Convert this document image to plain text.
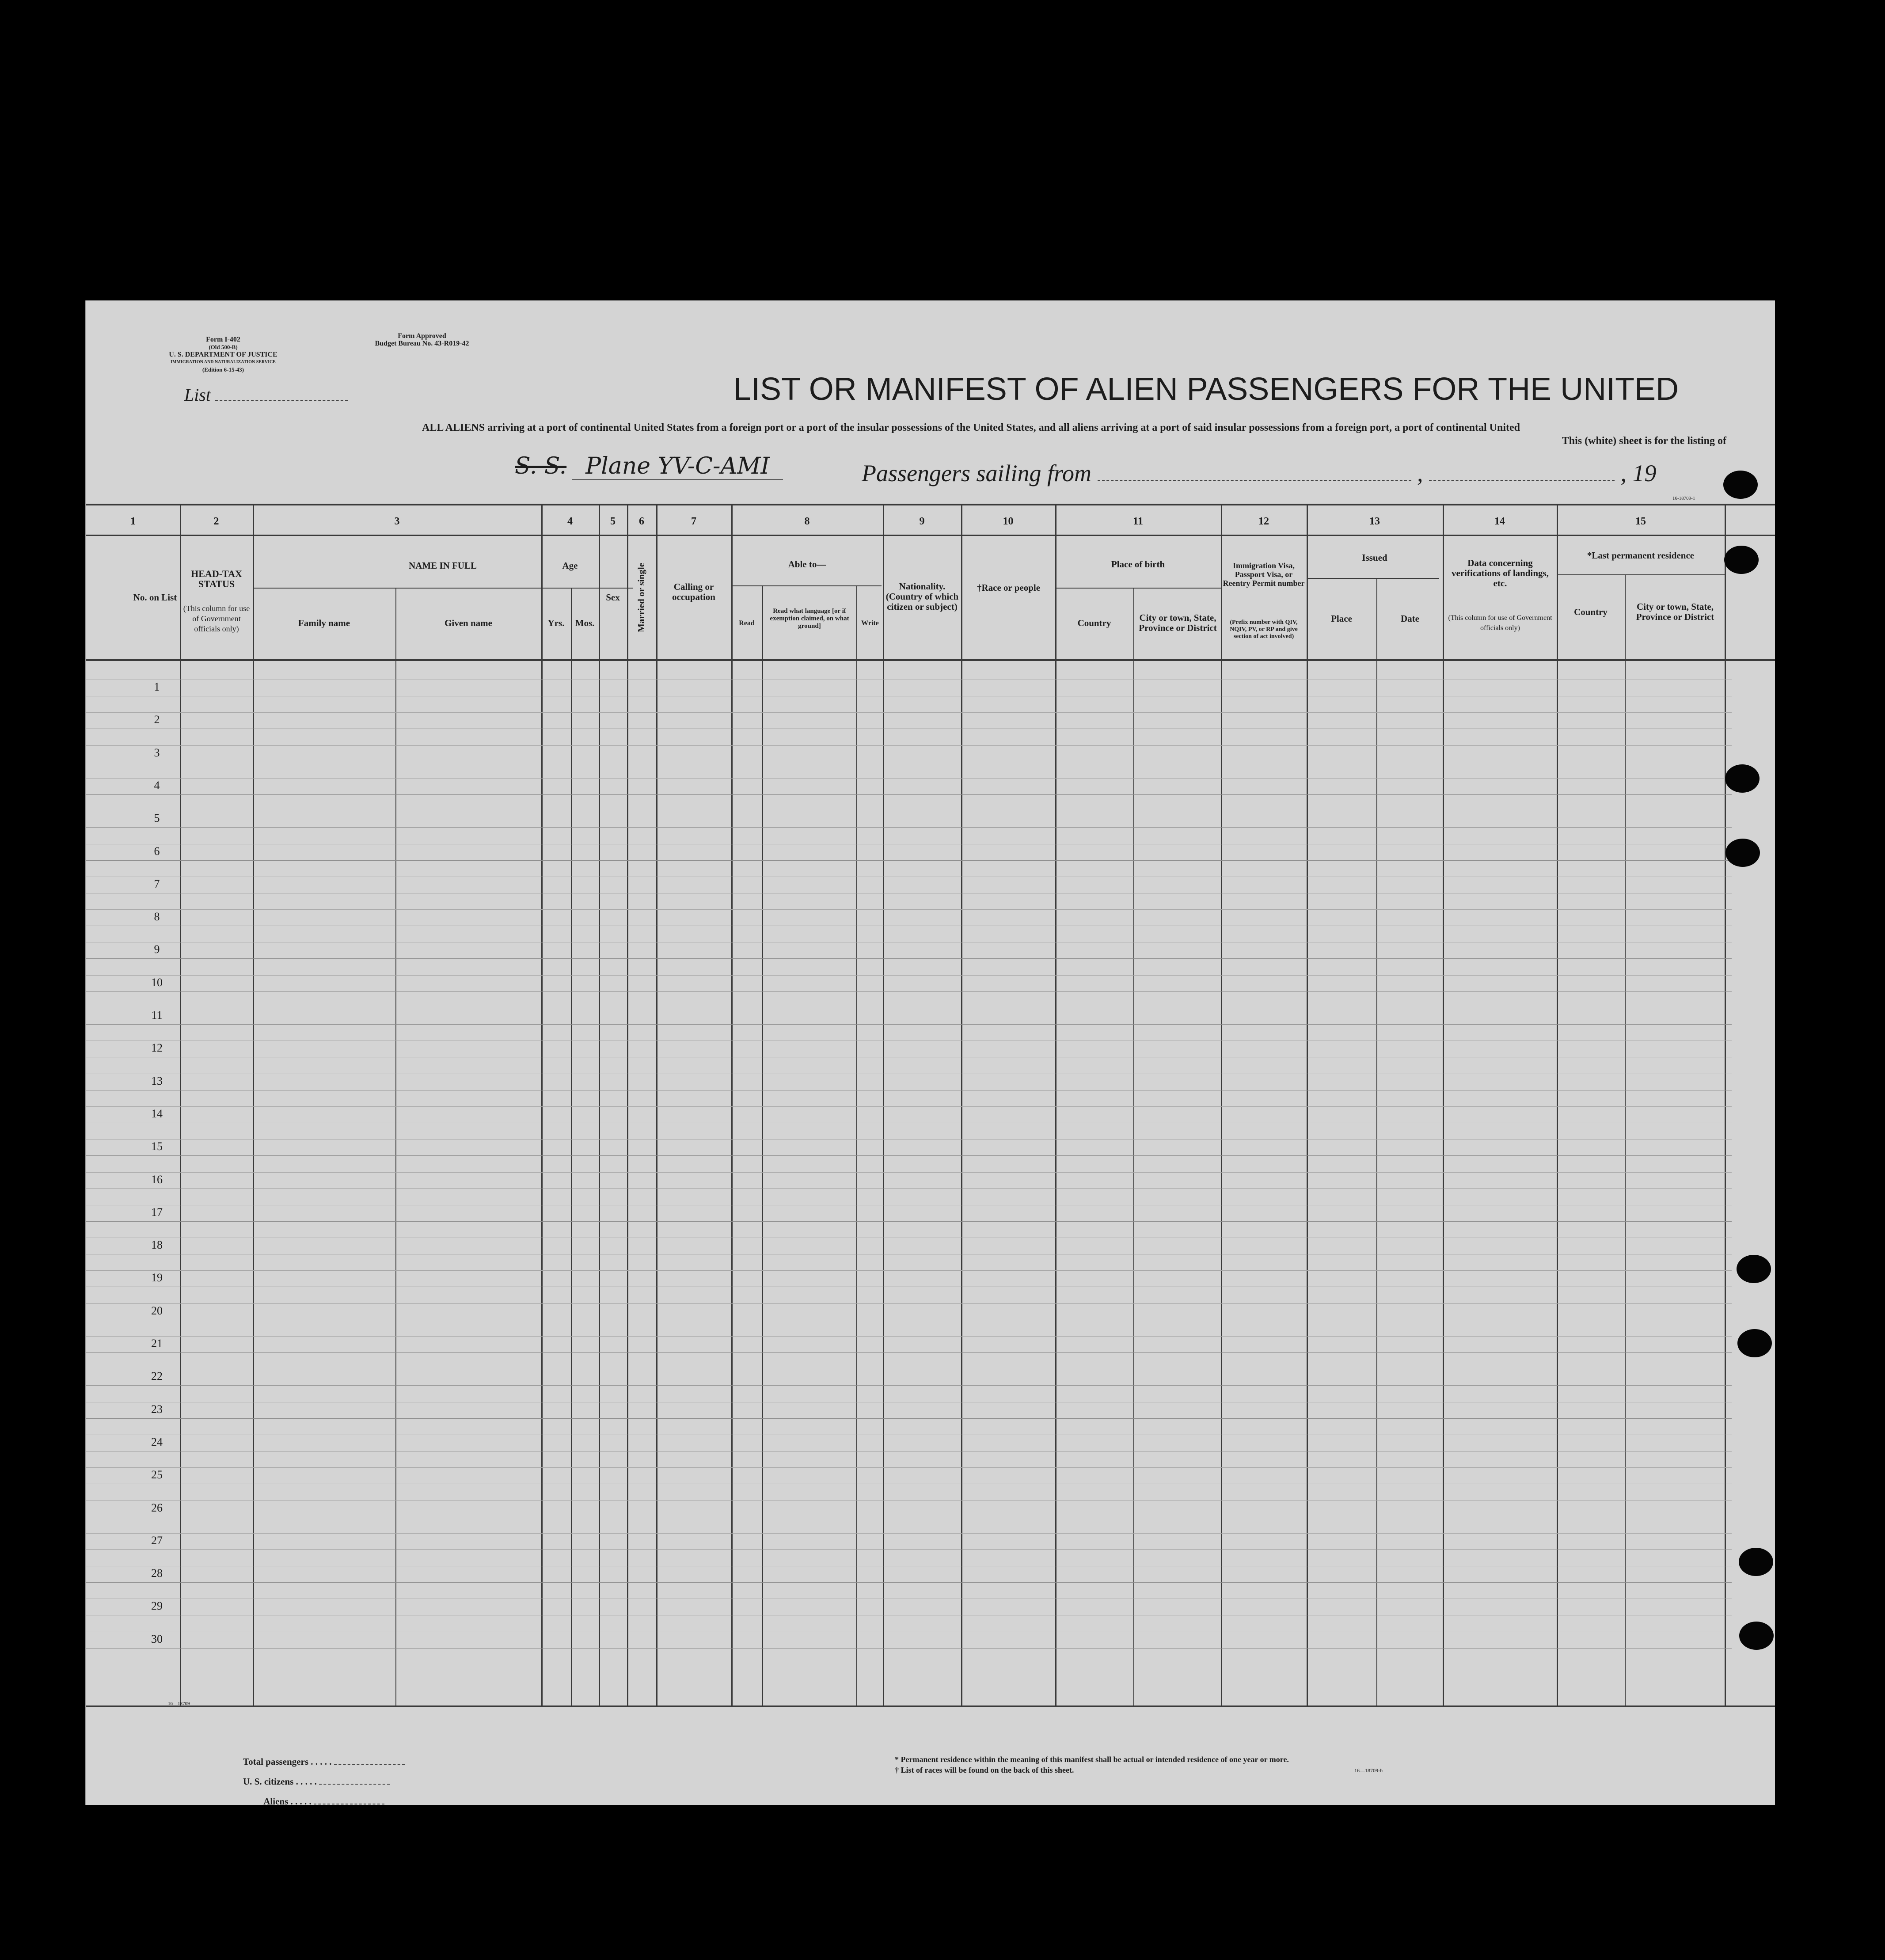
Form I-402
(Old 500-B)
U. S. DEPARTMENT OF JUSTICE
IMMIGRATION AND NATURALIZATION SERVICE
(Edition 6-15-43)
Form Approved
Budget Bureau No. 43-R019-42
List	LIST OR MANIFEST OF ALIEN PASSENGERS FOR THE UNITED
ALL ALIENS arriving at a port of continental United States from a foreign port or a port of the insular possessions of the United States, and all aliens arriving at a port of said insular possessions from a foreign port, a port of continental United
This (white) sheet is for the listing of
S. S. Plane YV-C-AMI	Passengers sailing from	,	, 19
16-18709-1
1	2	3	4	5	6	7	8	9	10	11	12	13	14	15
No. on List
HEAD-TAX STATUS
(This column for use of Government officials only)
NAME IN FULL
Family name	Given name
Age
Yrs.	Mos.
Sex	Married or single	Calling or occupation
Able to—
Read
Read what language [or if exemption claimed, on what ground]	Write
Nationality. (Country of which citizen or subject)
†Race or people
Place of birth
Country	City or town, State, Province or District
Immigration Visa, Passport Visa, or Reentry Permit number
(Prefix number with QIV, NQIV, PV, or RP and give section of act involved)
Issued
Place	Date
Data concerning verifications of landings, etc.
(This column for use of Government officials only)
*Last permanent residence
Country	City or town, State, Province or District
1
2
3
4
5
6
7
8
9
10
11
12
13
14
15
16
17
18
19
20
21
22
23
24
25
26
27
28
29
30
16—18709
Total passengers . . . . .
U. S. citizens . . . . .
Aliens . . . . .
* Permanent residence within the meaning of this manifest shall be actual or intended residence of one year or more.
† List of races will be found on the back of this sheet.	16—18709-b
